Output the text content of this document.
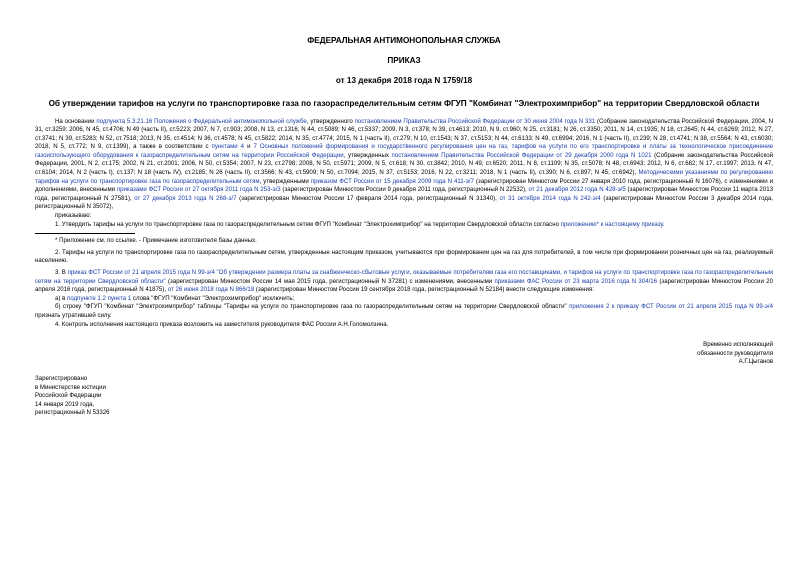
ФЕДЕРАЛЬНАЯ АНТИМОНОПОЛЬНАЯ СЛУЖБА
ПРИКАЗ
от 13 декабря 2018 года N 1759/18
Об утверждении тарифов на услуги по транспортировке газа по газораспределительным сетям ФГУП "Комбинат "Электрохимприбор" на территории Свердловской области

На основании подпункта 5.3.21.16 Положения о Федеральной антимонопольной службе, утвержденного постановлением Правительства Российской Федерации от 30 июня 2004 года N 331 (Собрание законодательства Российской Федерации, 2004, N 31, ст.3259; 2006, N 45, ст.4706; N 49 (часть II), ст.5223; 2007, N 7, ст.903; 2008, N 13, ст.1316; N 44, ст.5089; N 46, ст.5337; 2009, N 3, ст.378; N 39, ст.4613; 2010, N 9, ст.960; N 25, ст.3181; N 26, ст.3350; 2011, N 14, ст.1935; N 18, ст.2645; N 44, ст.6269; 2012, N 27, ст.3741; N 39, ст.5283; N 52, ст.7518; 2013, N 35, ст.4514; N 36, ст.4578; N 45, ст.5822; 2014, N 35, ст.4774; 2015, N 1 (часть II), ст.279; N 10, ст.1543; N 37, ст.5153; N 44, ст.6133; N 49, ст.6994; 2016, N 1 (часть II), ст.239; N 28, ст.4741; N 38, ст.5564; N 43, ст.6030; 2018, N 5, ст.772; N 9, ст.1399), а также в соответствии с пунктами 4 и 7 Основных положений формирования и государственного регулирования цен на газ, тарифов на услуги по его транспортировке и платы за технологическое присоединение газоиспользующего оборудования к газораспределительным сетям на территории Российской Федерации, утвержденных постановлением Правительства Российской Федерации от 29 декабря 2000 года N 1021 (Собрание законодательства Российской Федерации, 2001, N 2, ст.175; 2002, N 21, ст.2001; 2006, N 50, ст.5354; 2007, N 23, ст.2798; 2008, N 50, ст.5971; 2009, N 5, ст.618; N 30, ст.3842; 2010, N 49, ст.6520; 2011, N 8, ст.1109; N 35, ст.5078; N 48, ст.6943; 2012, N 6, ст.682; N 17, ст.1997; 2013, N 47, ст.6104; 2014, N 2 (часть I), ст.137; N 18 (часть IV), ст.2185; N 26 (часть II), ст.3566; N 43, ст.5909; N 50, ст.7094; 2015, N 37, ст.5153; 2016, N 22, ст.3211; 2018, N 1 (часть II), ст.390; N 6, ст.897; N 45, ст.6942), Методическими указаниями по регулированию тарифов на услуги по транспортировке газа по газораспределительным сетям, утвержденными приказом ФСТ России от 15 декабря 2009 года N 411-э/7 (зарегистрирован Минюстом России 27 января 2010 года, регистрационный N 16076), с изменениями и дополнениями, внесенными приказами ФСТ России от 27 октября 2011 года N 253-э/3 (зарегистрирован Минюстом России 9 декабря 2011 года, регистрационный N 22532), от 21 декабря 2012 года N 428-э/5 (зарегистрирован Минюстом России 11 марта 2013 года, регистрационный N 27581), от 27 декабря 2013 года N 268-э/7 (зарегистрирован Минюстом России 17 февраля 2014 года, регистрационный N 31340), от 31 октября 2014 года N 242-э/4 (зарегистрирован Минюстом России 3 декабря 2014 года, регистрационный N 35072),

приказываю:

1. Утвердить тарифы на услуги по транспортировке газа по газораспределительным сетям ФГУП "Комбинат "Электрохимприбор" на территории Свердловской области согласно приложению* к настоящему приказу.

* Приложение см. по ссылке. - Примечание изготовителя базы данных.

2. Тарифы на услуги по транспортировке газа по газораспределительным сетям, утвержденные настоящим приказом, учитываются при формировании цен на газ для потребителей, в том числе при формировании розничных цен на газ, реализуемый населению.

3. В приказ ФСТ России от 21 апреля 2015 года N 99-э/4 "Об утверждении размера платы за снабженческо-сбытовые услуги, оказываемые потребителям газа его поставщиками, и тарифов на услуги по транспортировке газа по газораспределительным сетям на территории Свердловской области" (зарегистрирован Минюстом России 14 мая 2015 года, регистрационный N 37281) с изменениями, внесенными приказами ФАС России от 23 марта 2016 года N 304/16 (зарегистрирован Минюстом России 20 апреля 2016 года, регистрационный N 41875), от 26 июня 2018 года N 866/18 (зарегистрирован Минюстом России 19 сентября 2018 года, регистрационный N 52184) внести следующие изменения:

а) в подпункте 1.2 пункта 1 слова "ФГУП "Комбинат "Электрохимприбор" исключить;

б) строку "ФГУП "Комбинат "Электрохимприбор" таблицы "Тарифы на услуги по транспортировке газа по газораспределительным сетям на территории Свердловской области" приложения 2 к приказу ФСТ России от 21 апреля 2015 года N 99-э/4 признать утратившей силу.

4. Контроль исполнения настоящего приказа возложить на заместителя руководителя ФАС России А.Н.Голомолзина.

Временно исполняющий
обязанности руководителя
А.Г.Цыганов
Зарегистрировано
в Министерстве юстиции
Российской Федерации
14 января 2019 года,
регистрационный N 53326
